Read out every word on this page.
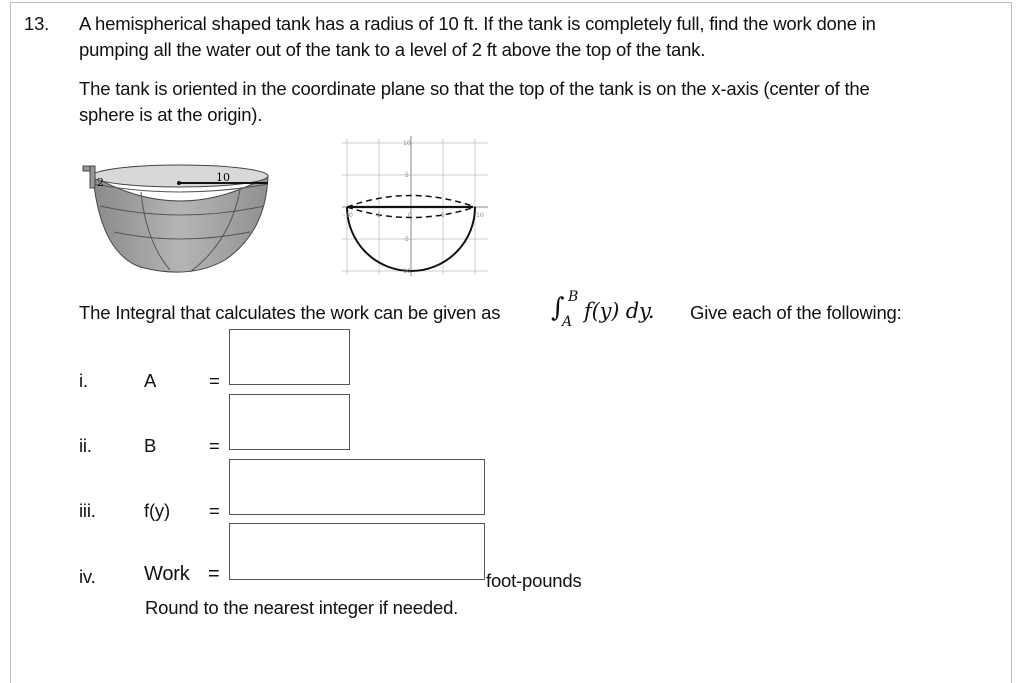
13. A hemispherical shaped tank has a radius of 10 ft. If the tank is completely full, find the work done in
pumping all the water out of the tank to a level of 2 ft above the top of the tank.
The tank is oriented in the coordinate plane so that the top of the tank is on the x-axis (center of the
sphere is at the origin).
10
2
-10	-5	0	5	10
10
5
-5
-10
The Integral that calculates the work can be given as ∫ B
A f(y) dy. Give each of the following:
i.	A	=
ii.	B	=
iii.	f(y) =
iv. Work =	foot-pounds
Round to the nearest integer if needed.
